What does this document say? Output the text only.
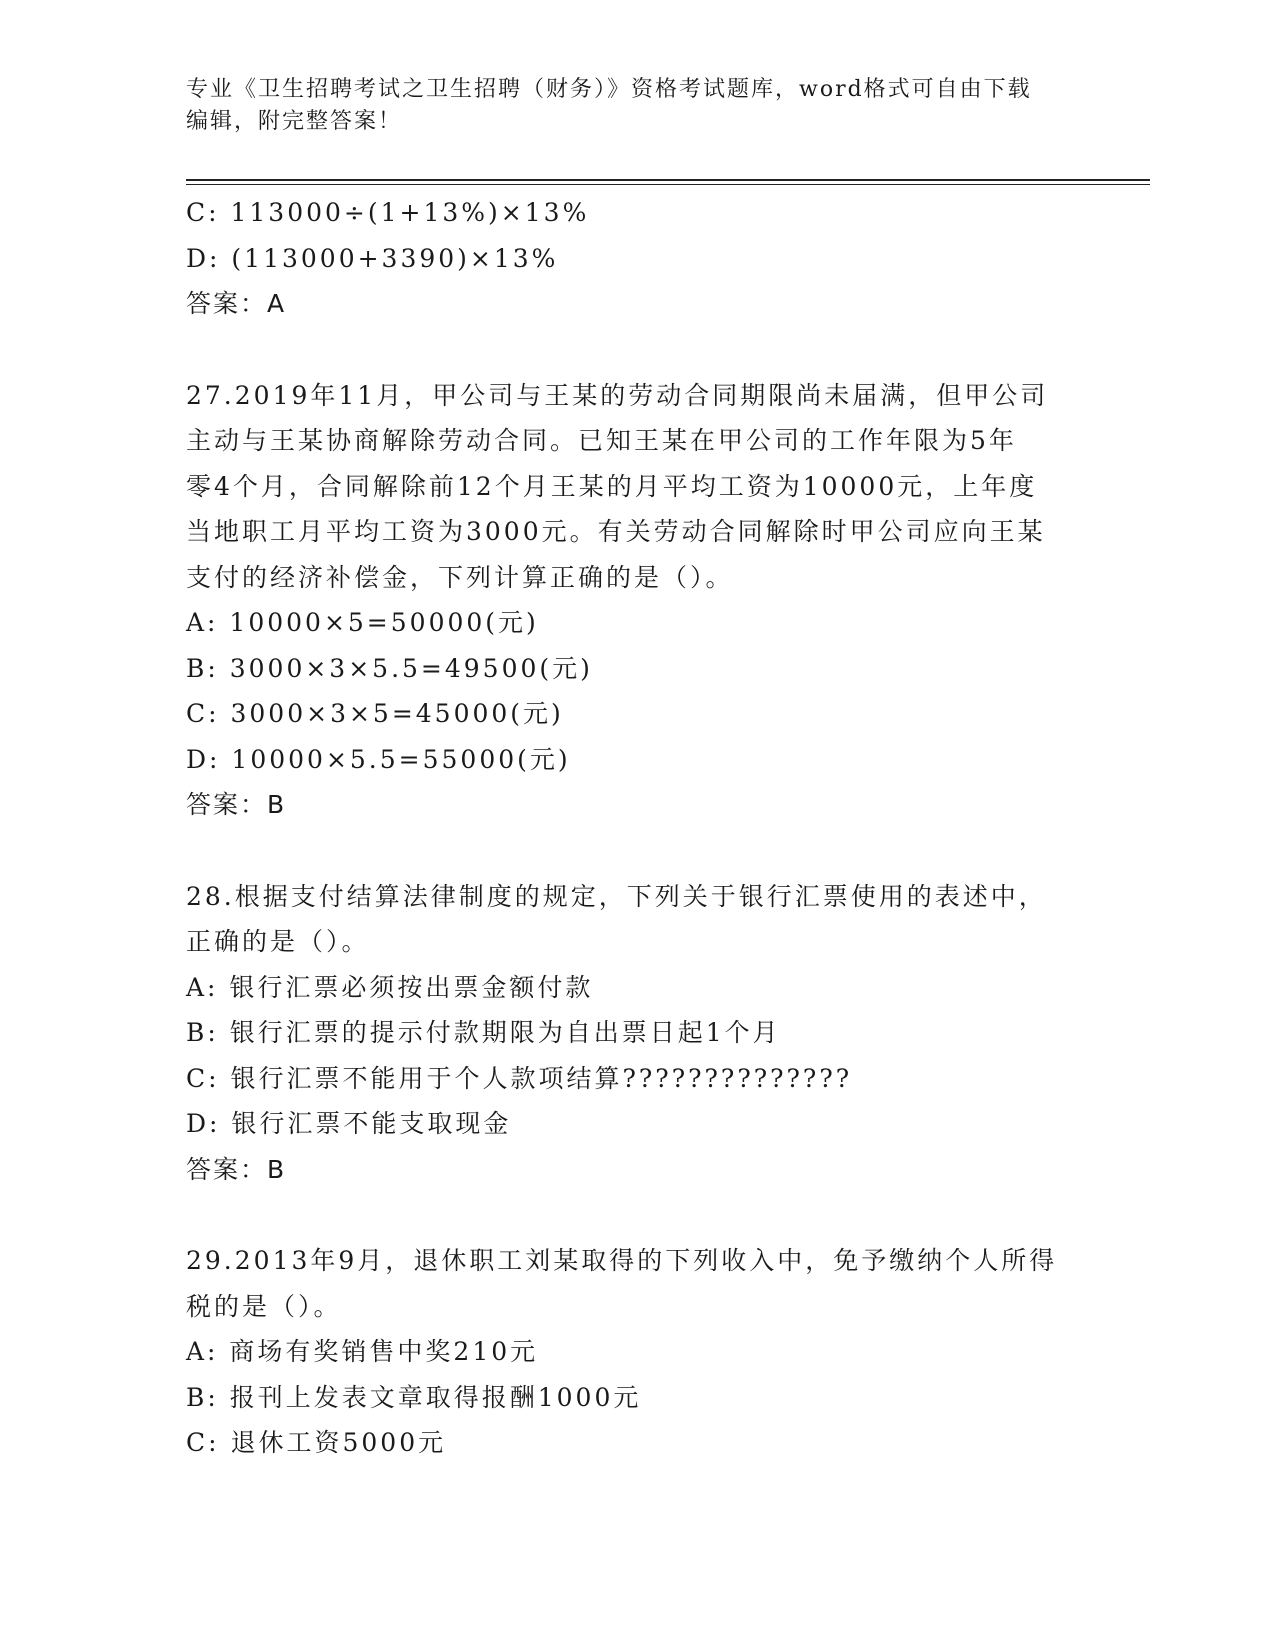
专业《卫生招聘考试之卫生招聘（财务）》资格考试题库，word格式可自由下载
编辑，附完整答案！
C: 113000÷(1+13%)×13%
D: (113000+3390)×13%
答案：A
27.2019年11月，甲公司与王某的劳动合同期限尚未届满，但甲公司
主动与王某协商解除劳动合同。已知王某在甲公司的工作年限为5年
零4个月，合同解除前12个月王某的月平均工资为10000元，上年度
当地职工月平均工资为3000元。有关劳动合同解除时甲公司应向王某
支付的经济补偿金，下列计算正确的是（）。
A: 10000×5=50000(元)
B: 3000×3×5.5=49500(元)
C: 3000×3×5=45000(元)
D: 10000×5.5=55000(元)
答案：B
28.根据支付结算法律制度的规定，下列关于银行汇票使用的表述中，
正确的是（）。
A: 银行汇票必须按出票金额付款
B: 银行汇票的提示付款期限为自出票日起1个月
C: 银行汇票不能用于个人款项结算??????????????
D: 银行汇票不能支取现金
答案：B
29.2013年9月，退休职工刘某取得的下列收入中，免予缴纳个人所得
税的是（）。
A: 商场有奖销售中奖210元
B: 报刊上发表文章取得报酬1000元
C: 退休工资5000元
